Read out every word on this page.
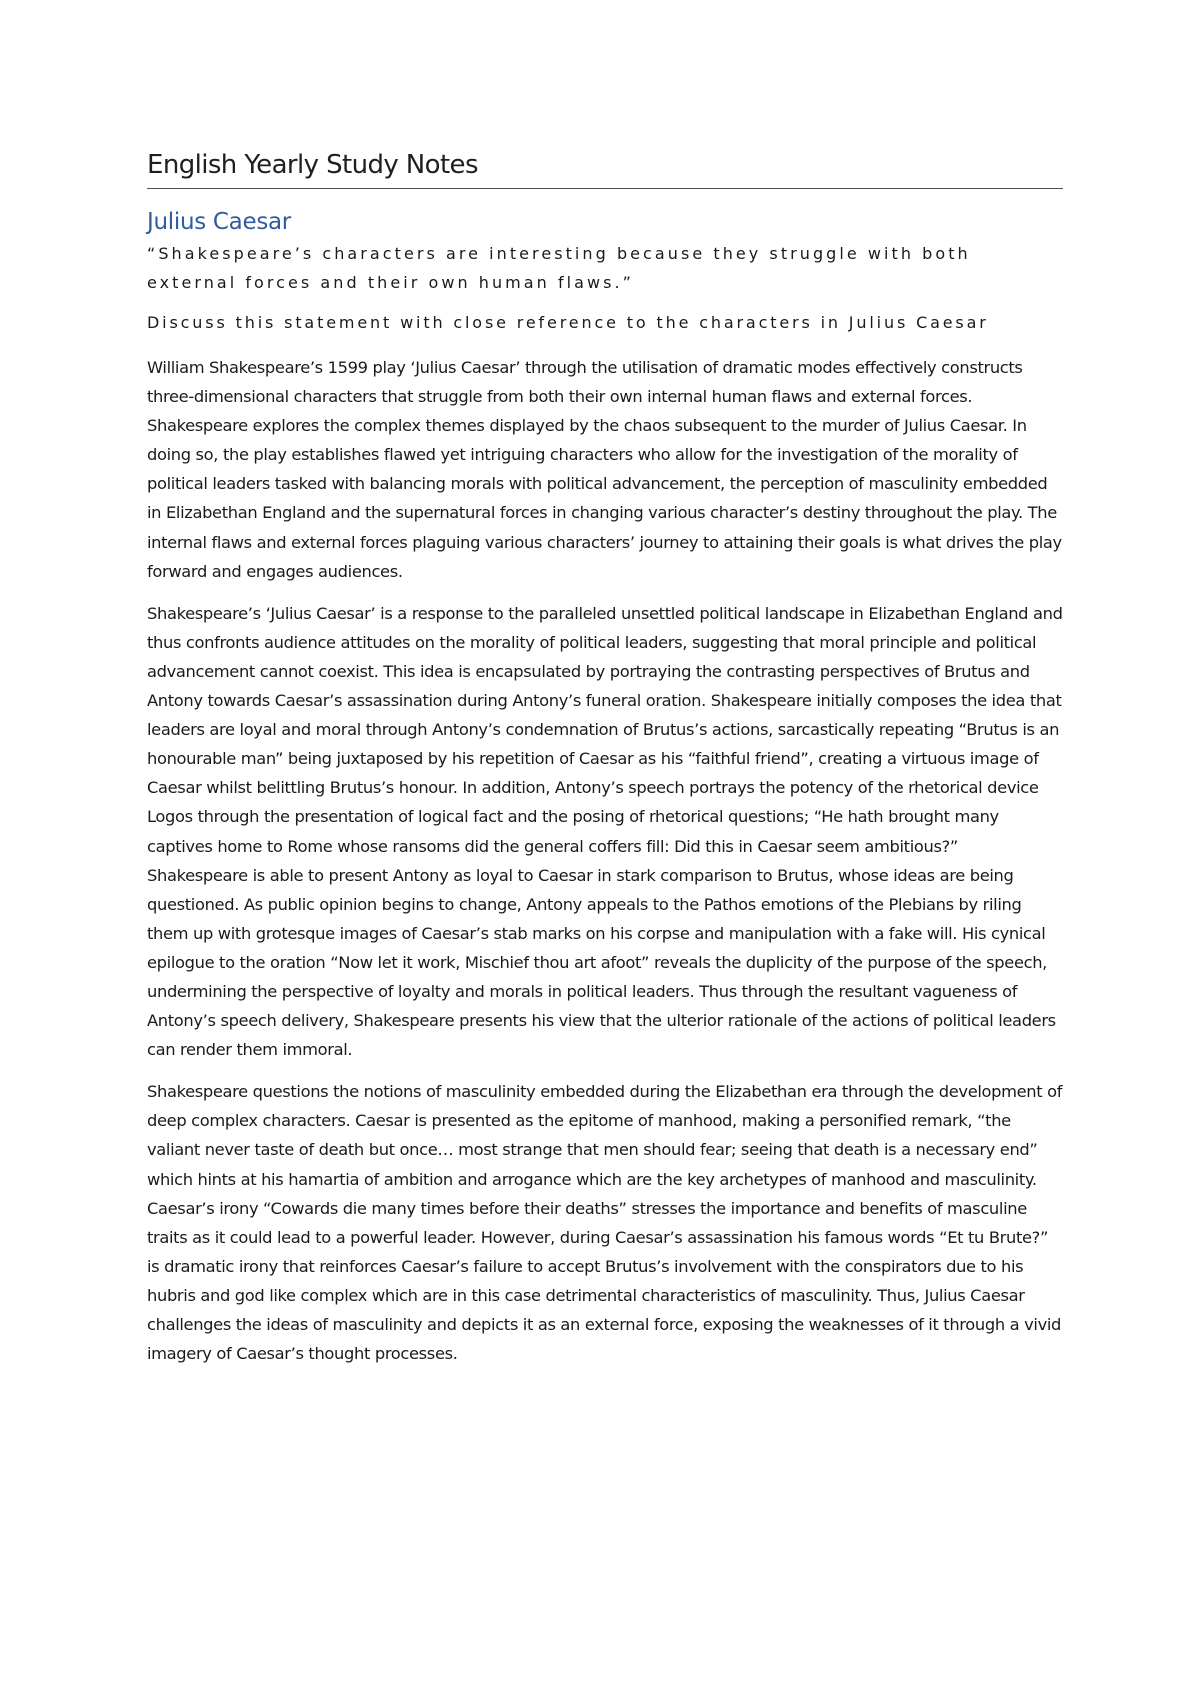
English Yearly Study Notes
Julius Caesar

“Shakespeare’s characters are interesting because they struggle with both external forces and their own human flaws.”

Discuss this statement with close reference to the characters in Julius Caesar

William Shakespeare’s 1599 play ‘Julius Caesar’ through the utilisation of dramatic modes effectively constructs three-dimensional characters that struggle from both their own internal human flaws and external forces. Shakespeare explores the complex themes displayed by the chaos subsequent to the murder of Julius Caesar. In doing so, the play establishes flawed yet intriguing characters who allow for the investigation of the morality of political leaders tasked with balancing morals with political advancement, the perception of masculinity embedded in Elizabethan England and the supernatural forces in changing various character’s destiny throughout the play. The internal flaws and external forces plaguing various characters’ journey to attaining their goals is what drives the play forward and engages audiences.

Shakespeare’s ‘Julius Caesar’ is a response to the paralleled unsettled political landscape in Elizabethan England and thus confronts audience attitudes on the morality of political leaders, suggesting that moral principle and political advancement cannot coexist. This idea is encapsulated by portraying the contrasting perspectives of Brutus and Antony towards Caesar’s assassination during Antony’s funeral oration. Shakespeare initially composes the idea that leaders are loyal and moral through Antony’s condemnation of Brutus’s actions, sarcastically repeating “Brutus is an honourable man” being juxtaposed by his repetition of Caesar as his “faithful friend”, creating a virtuous image of Caesar whilst belittling Brutus’s honour. In addition, Antony’s speech portrays the potency of the rhetorical device Logos through the presentation of logical fact and the posing of rhetorical questions; “He hath brought many captives home to Rome whose ransoms did the general coffers fill: Did this in Caesar seem ambitious?” Shakespeare is able to present Antony as loyal to Caesar in stark comparison to Brutus, whose ideas are being questioned. As public opinion begins to change, Antony appeals to the Pathos emotions of the Plebians by riling them up with grotesque images of Caesar’s stab marks on his corpse and manipulation with a fake will. His cynical epilogue to the oration “Now let it work, Mischief thou art afoot” reveals the duplicity of the purpose of the speech, undermining the perspective of loyalty and morals in political leaders. Thus through the resultant vagueness of Antony’s speech delivery, Shakespeare presents his view that the ulterior rationale of the actions of political leaders can render them immoral.

Shakespeare questions the notions of masculinity embedded during the Elizabethan era through the development of deep complex characters. Caesar is presented as the epitome of manhood, making a personified remark, “the valiant never taste of death but once… most strange that men should fear; seeing that death is a necessary end” which hints at his hamartia of ambition and arrogance which are the key archetypes of manhood and masculinity. Caesar’s irony “Cowards die many times before their deaths” stresses the importance and benefits of masculine traits as it could lead to a powerful leader. However, during Caesar’s assassination his famous words “Et tu Brute?” is dramatic irony that reinforces Caesar’s failure to accept Brutus’s involvement with the conspirators due to his hubris and god like complex which are in this case detrimental characteristics of masculinity. Thus, Julius Caesar challenges the ideas of masculinity and depicts it as an external force, exposing the weaknesses of it through a vivid imagery of Caesar’s thought processes.
